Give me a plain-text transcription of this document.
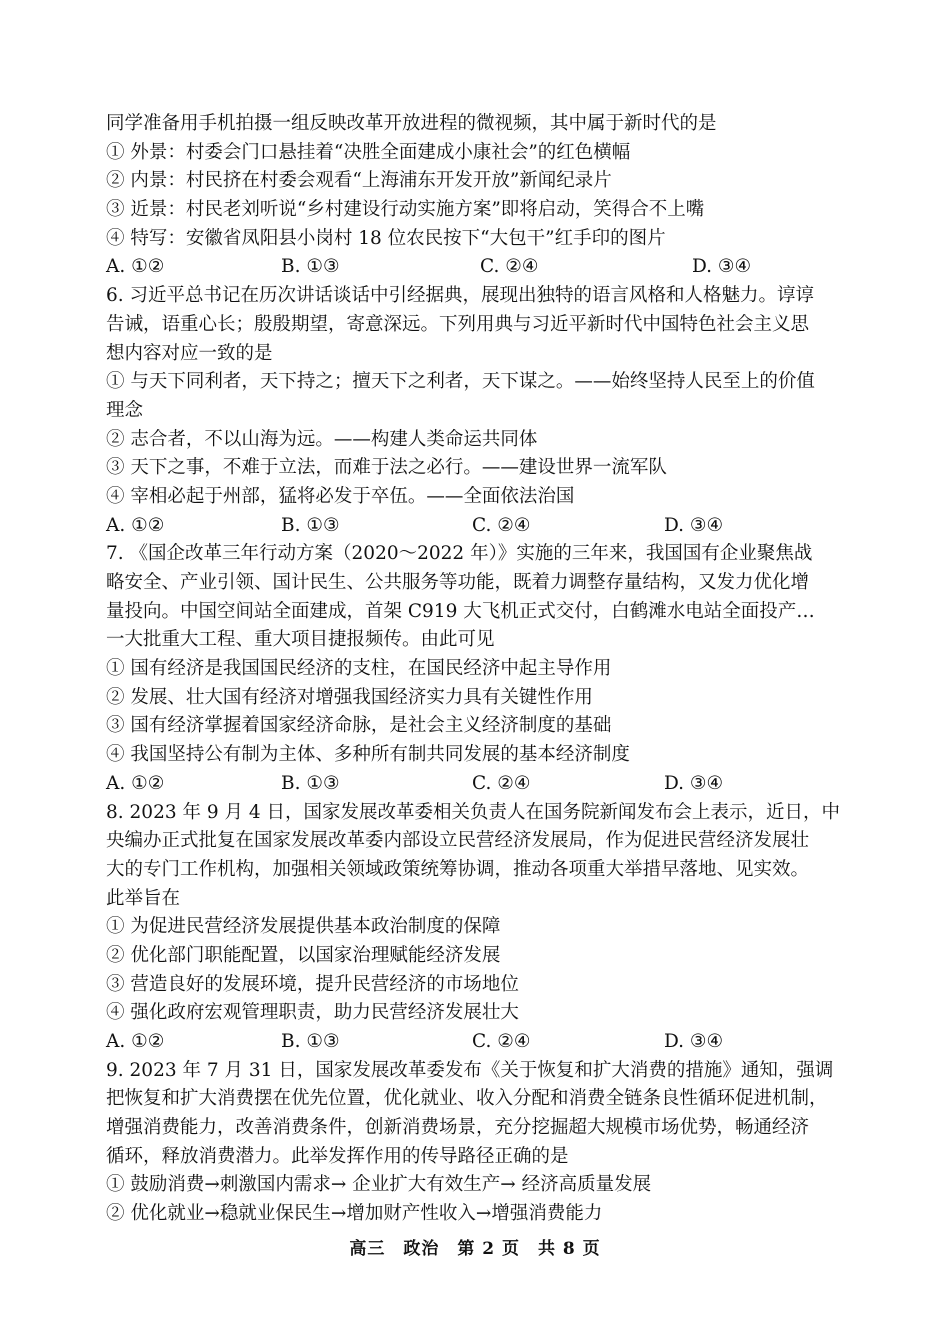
同学准备用手机拍摄一组反映改革开放进程的微视频，其中属于新时代的是
① 外景：村委会门口悬挂着“决胜全面建成小康社会”的红色横幅
② 内景：村民挤在村委会观看“上海浦东开发开放”新闻纪录片
③ 近景：村民老刘听说“乡村建设行动实施方案”即将启动，笑得合不上嘴
④ 特写：安徽省凤阳县小岗村 18 位农民按下“大包干”红手印的图片
A. ①②	B. ①③	C. ②④	D. ③④
6. 习近平总书记在历次讲话谈话中引经据典，展现出独特的语言风格和人格魅力。谆谆
告诫，语重心长；殷殷期望，寄意深远。下列用典与习近平新时代中国特色社会主义思
想内容对应一致的是
① 与天下同利者，天下持之；擅天下之利者，天下谋之。——始终坚持人民至上的价值
理念
② 志合者，不以山海为远。——构建人类命运共同体
③ 天下之事，不难于立法，而难于法之必行。——建设世界一流军队
④ 宰相必起于州部，猛将必发于卒伍。——全面依法治国
A. ①②	B. ①③	C. ②④	D. ③④
7. 《国企改革三年行动方案（2020～2022 年）》实施的三年来，我国国有企业聚焦战
略安全、产业引领、国计民生、公共服务等功能，既着力调整存量结构，又发力优化增
量投向。中国空间站全面建成，首架 C919 大飞机正式交付，白鹤滩水电站全面投产…
一大批重大工程、重大项目捷报频传。由此可见
① 国有经济是我国国民经济的支柱，在国民经济中起主导作用
② 发展、壮大国有经济对增强我国经济实力具有关键性作用
③ 国有经济掌握着国家经济命脉，是社会主义经济制度的基础
④ 我国坚持公有制为主体、多种所有制共同发展的基本经济制度
A. ①②	B. ①③	C. ②④	D. ③④
8. 2023 年 9 月 4 日，国家发展改革委相关负责人在国务院新闻发布会上表示，近日，中
央编办正式批复在国家发展改革委内部设立民营经济发展局，作为促进民营经济发展壮
大的专门工作机构，加强相关领域政策统筹协调，推动各项重大举措早落地、见实效。
此举旨在
① 为促进民营经济发展提供基本政治制度的保障
② 优化部门职能配置，以国家治理赋能经济发展
③ 营造良好的发展环境，提升民营经济的市场地位
④ 强化政府宏观管理职责，助力民营经济发展壮大
A. ①②	B. ①③	C. ②④	D. ③④
9. 2023 年 7 月 31 日，国家发展改革委发布《关于恢复和扩大消费的措施》通知，强调
把恢复和扩大消费摆在优先位置，优化就业、收入分配和消费全链条良性循环促进机制，
增强消费能力，改善消费条件，创新消费场景，充分挖掘超大规模市场优势，畅通经济
循环，释放消费潜力。此举发挥作用的传导路径正确的是
① 鼓励消费→刺激国内需求→ 企业扩大有效生产→ 经济高质量发展
② 优化就业→稳就业保民生→增加财产性收入→增强消费能力
高三　政治　第 2 页　共 8 页
